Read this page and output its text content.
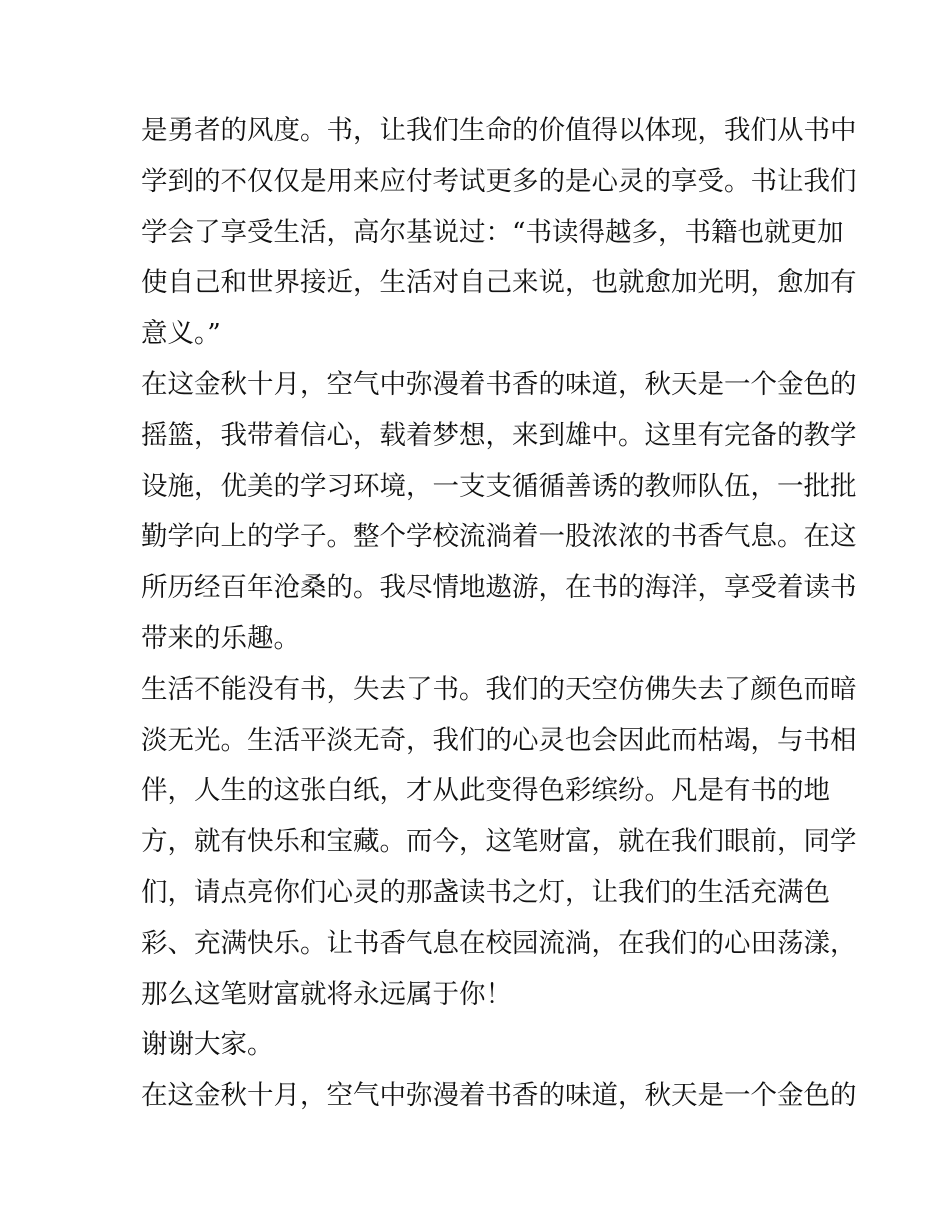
是勇者的风度。书，让我们生命的价值得以体现，我们从书中
学到的不仅仅是用来应付考试更多的是心灵的享受。书让我们
学会了享受生活，高尔基说过：“书读得越多，书籍也就更加
使自己和世界接近，生活对自己来说，也就愈加光明，愈加有
意义。”
在这金秋十月，空气中弥漫着书香的味道，秋天是一个金色的
摇篮，我带着信心，载着梦想，来到雄中。这里有完备的教学
设施，优美的学习环境，一支支循循善诱的教师队伍，一批批
勤学向上的学子。整个学校流淌着一股浓浓的书香气息。在这
所历经百年沧桑的。我尽情地遨游，在书的海洋，享受着读书
带来的乐趣。
生活不能没有书，失去了书。我们的天空仿佛失去了颜色而暗
淡无光。生活平淡无奇，我们的心灵也会因此而枯竭，与书相
伴，人生的这张白纸，才从此变得色彩缤纷。凡是有书的地
方，就有快乐和宝藏。而今，这笔财富，就在我们眼前，同学
们，请点亮你们心灵的那盏读书之灯，让我们的生活充满色
彩、充满快乐。让书香气息在校园流淌，在我们的心田荡漾，
那么这笔财富就将永远属于你！
谢谢大家。
在这金秋十月，空气中弥漫着书香的味道，秋天是一个金色的
